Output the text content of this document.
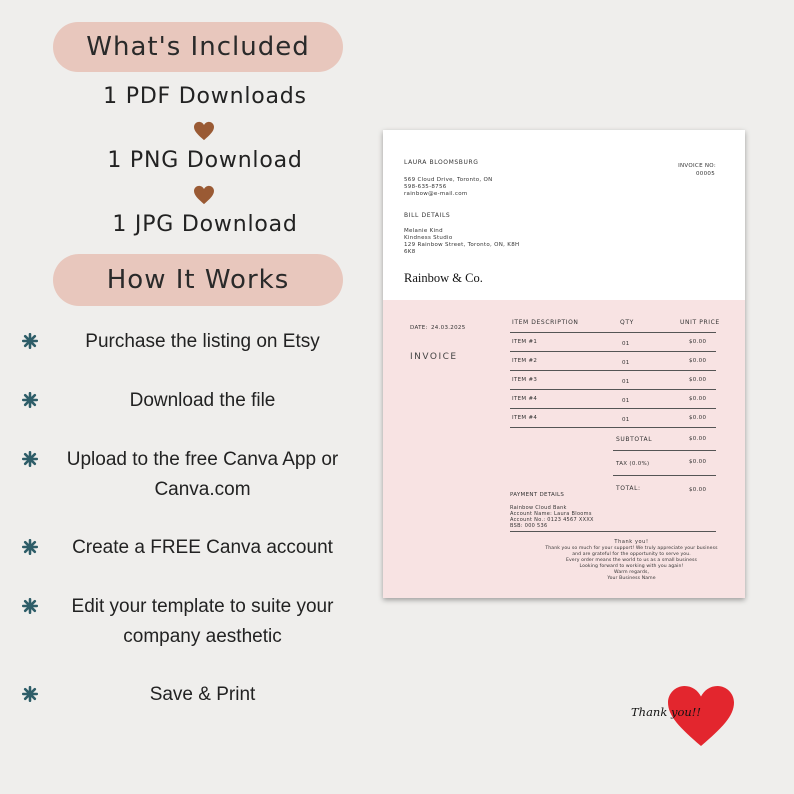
What's Included
1 PDF Downloads
1 PNG Download
1 JPG Download
How It Works
Purchase the listing on Etsy
Download the file
Upload to the free Canva App or
Canva.com
Create a FREE Canva account
Edit your template to suite your
company aesthetic
Save & Print
LAURA BLOOMSBURG
569 Cloud Drive, Toronto, ON
598-635-8756
rainbow@e-mail.com
INVOICE NO:
00005
BILL DETAILS
Melanie Kind
Kindness Studio
129 Rainbow Street, Toronto, ON, K8H
6K8
Rainbow & Co.
DATE: 24.03.2025
INVOICE
ITEM DESCRIPTION	QTY	UNIT PRICE
ITEM #1	01	$0.00
ITEM #2	01	$0.00
ITEM #3	01	$0.00
ITEM #4	01	$0.00
ITEM #4	01	$0.00
SUBTOTAL	$0.00
TAX (0.0%)	$0.00
TOTAL:	$0.00
PAYMENT DETAILS
Rainbow Cloud Bank
Account Name: Laura Blooms
Account No.: 0123 4567 XXXX
BSB: 000 536
Thank you!
Thank you so much for your support! We truly appreciate your business
and are grateful for the opportunity to serve you.
Every order means the world to us as a small business
Looking forward to working with you again!
Warm regards,
Your Business Name
Thank you!!
